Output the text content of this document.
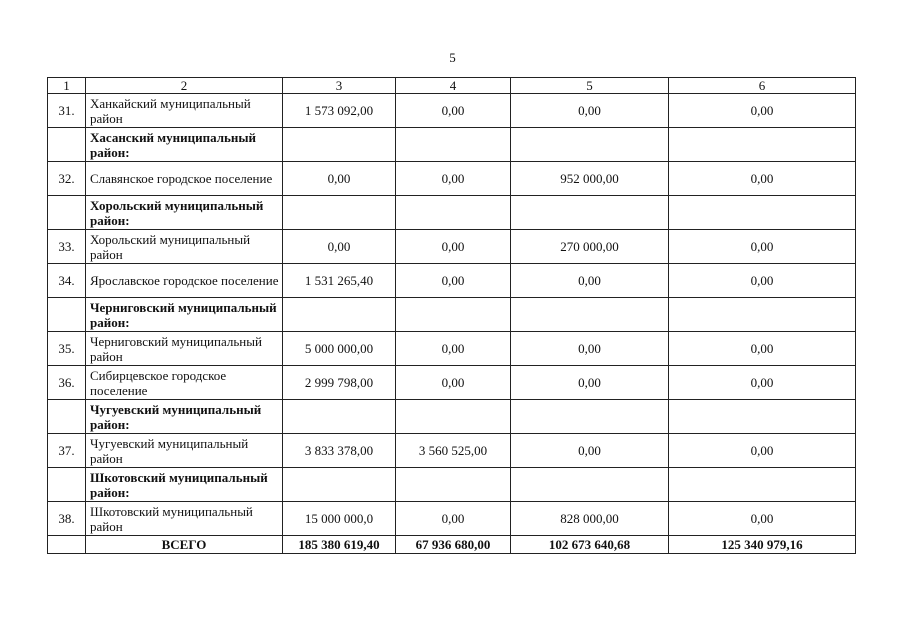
5
1	2	3	4	5	6
31.	Ханкайский муниципальный район	1 573 092,00	0,00	0,00	0,00
	Хасанский муниципальный район:				
32.	Славянское городское поселение	0,00	0,00	952 000,00	0,00
	Хорольский муниципальный район:				
33.	Хорольский муниципальный район	0,00	0,00	270 000,00	0,00
34.	Ярославское городское поселение	1 531 265,40	0,00	0,00	0,00
	Черниговский муниципальный район:				
35.	Черниговский муниципальный район	5 000 000,00	0,00	0,00	0,00
36.	Сибирцевское городское поселение	2 999 798,00	0,00	0,00	0,00
	Чугуевский муниципальный район:				
37.	Чугуевский муниципальный район	3 833 378,00	3 560 525,00	0,00	0,00
	Шкотовский муниципальный район:				
38.	Шкотовский муниципальный район	15 000 000,0	0,00	828 000,00	0,00
	ВСЕГО	185 380 619,40	67 936 680,00	102 673 640,68	125 340 979,16
